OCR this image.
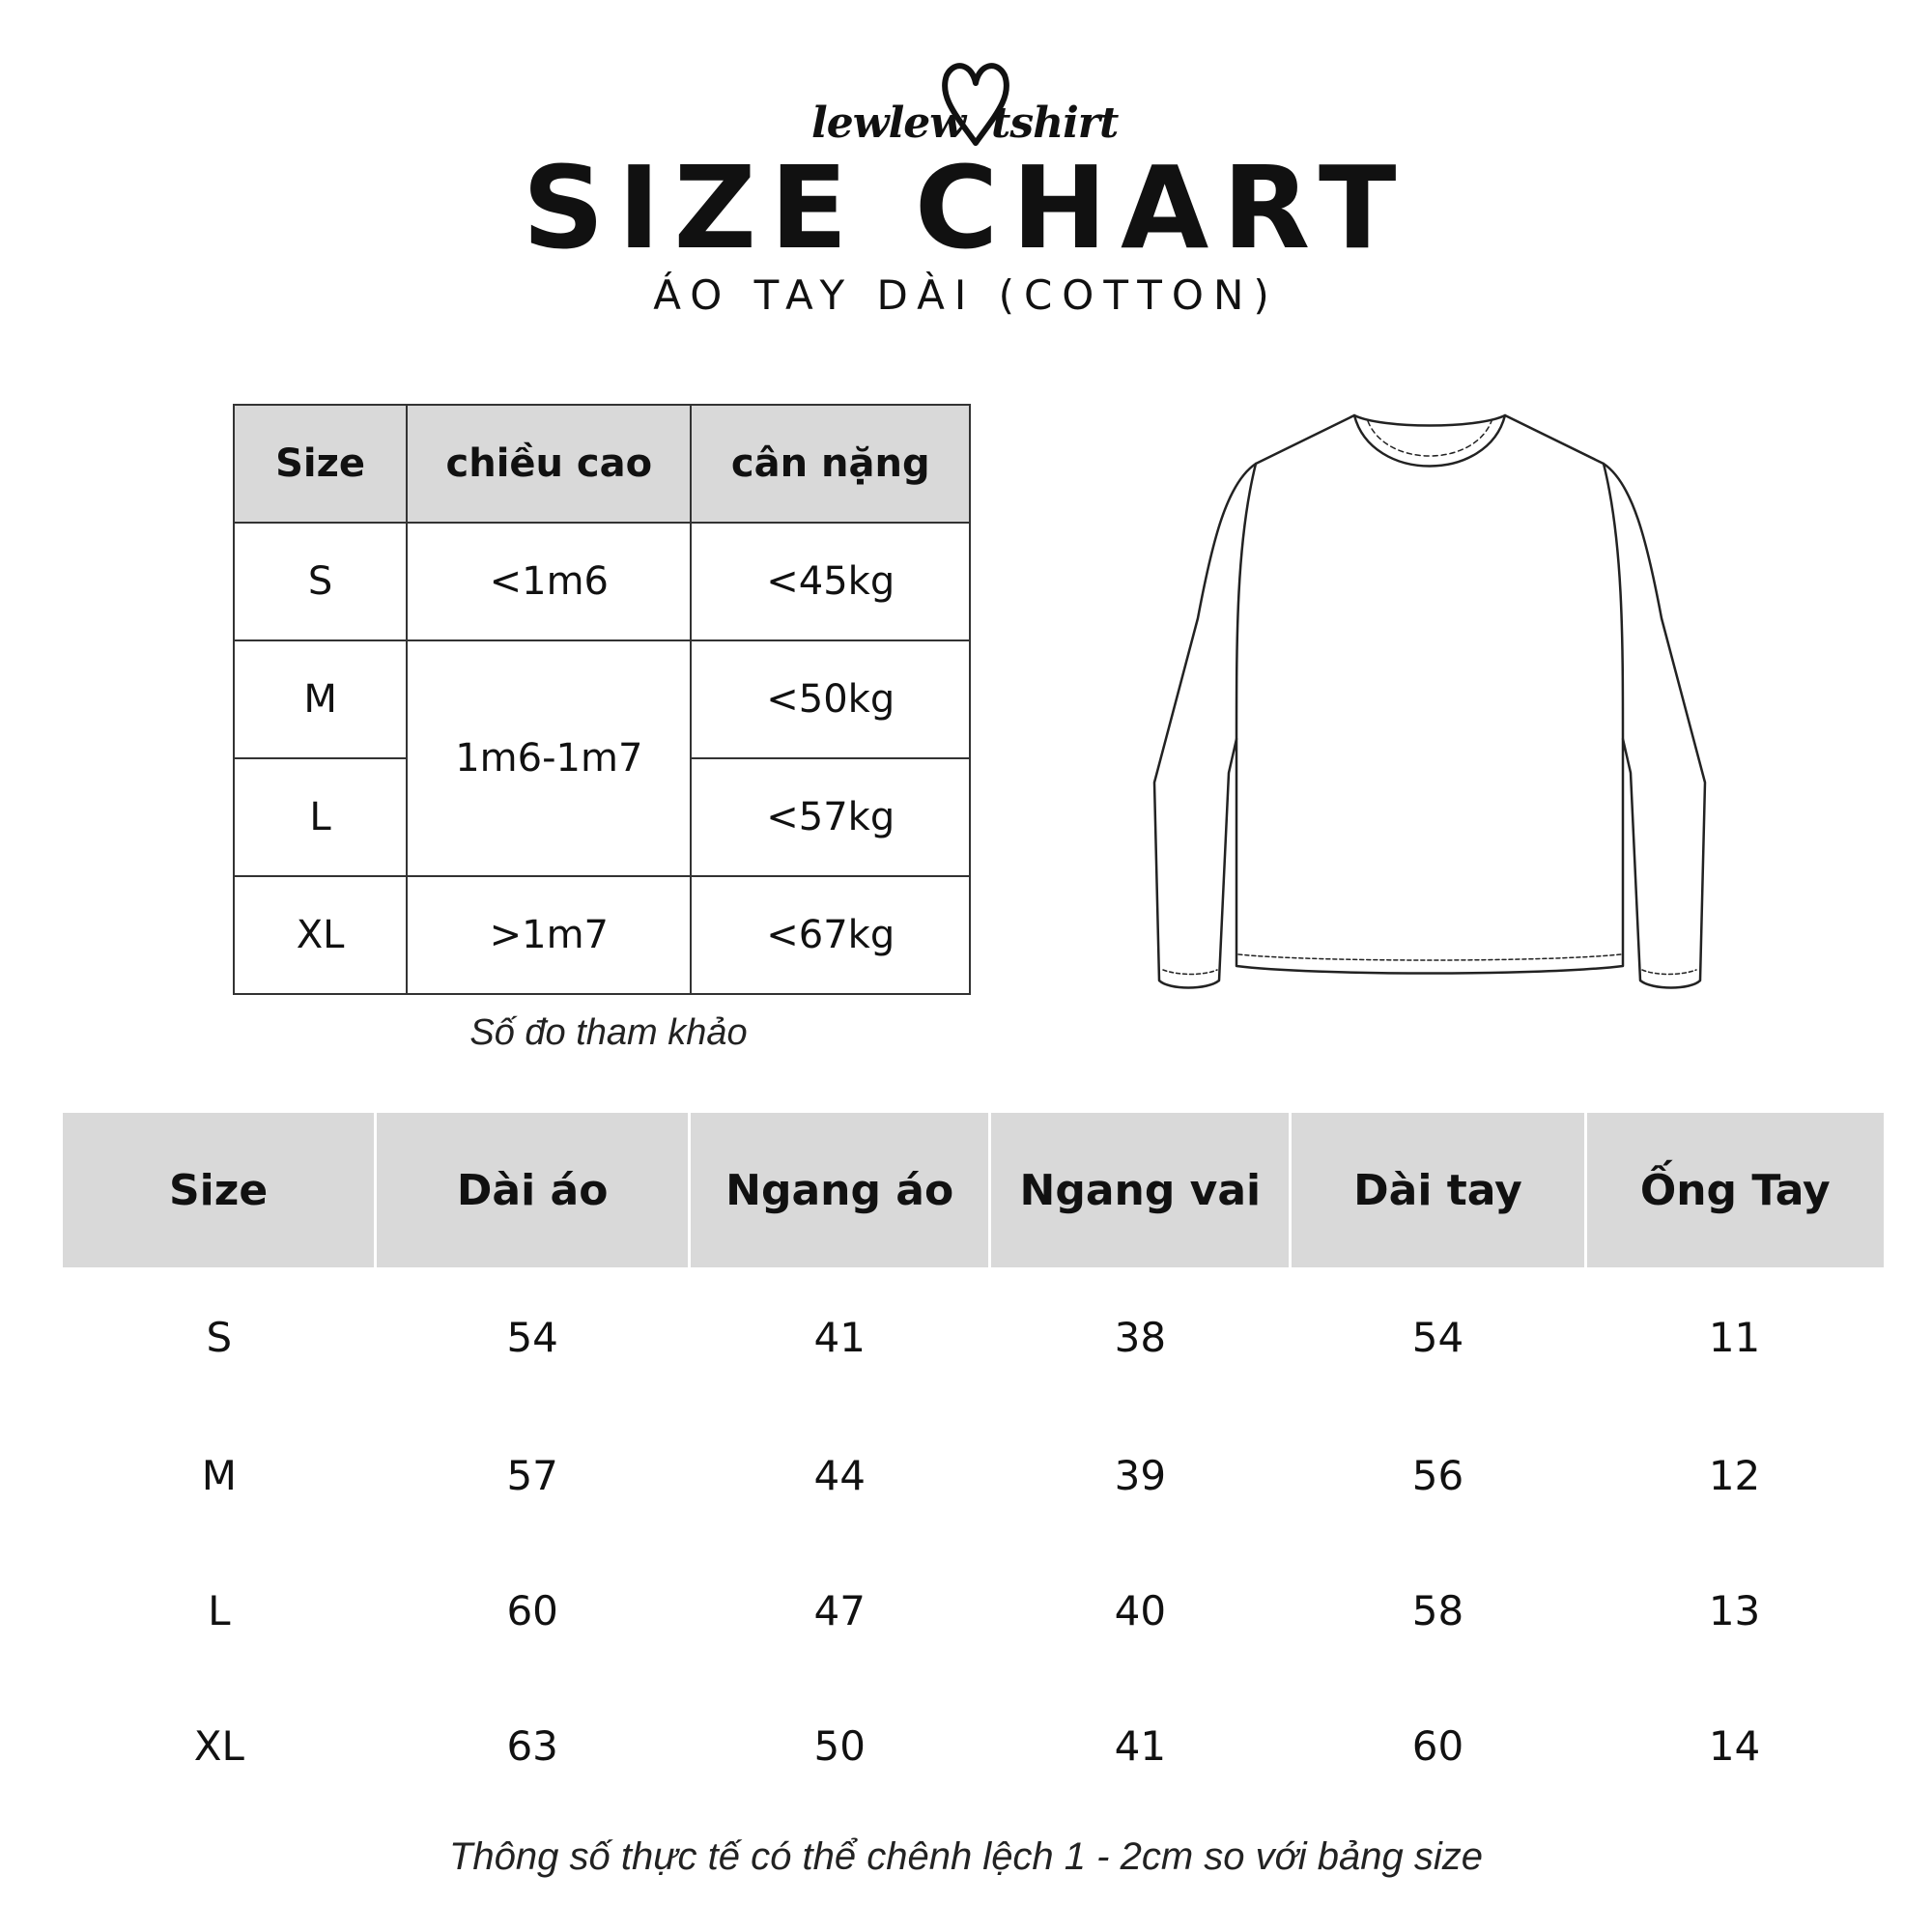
lewlew tshirt
SIZE CHART
ÁO TAY DÀI (COTTON)
Size	chiều cao	cân nặng
S	<1m6	<45kg
M	1m6-1m7	<50kg
L		<57kg
XL	>1m7	<67kg
Số đo tham khảo
Size	Dài áo	Ngang áo	Ngang vai	Dài tay	Ống Tay
S	54	41	38	54	11
M	57	44	39	56	12
L	60	47	40	58	13
XL	63	50	41	60	14
Thông số thực tế có thể chênh lệch 1 - 2cm so với bảng size
